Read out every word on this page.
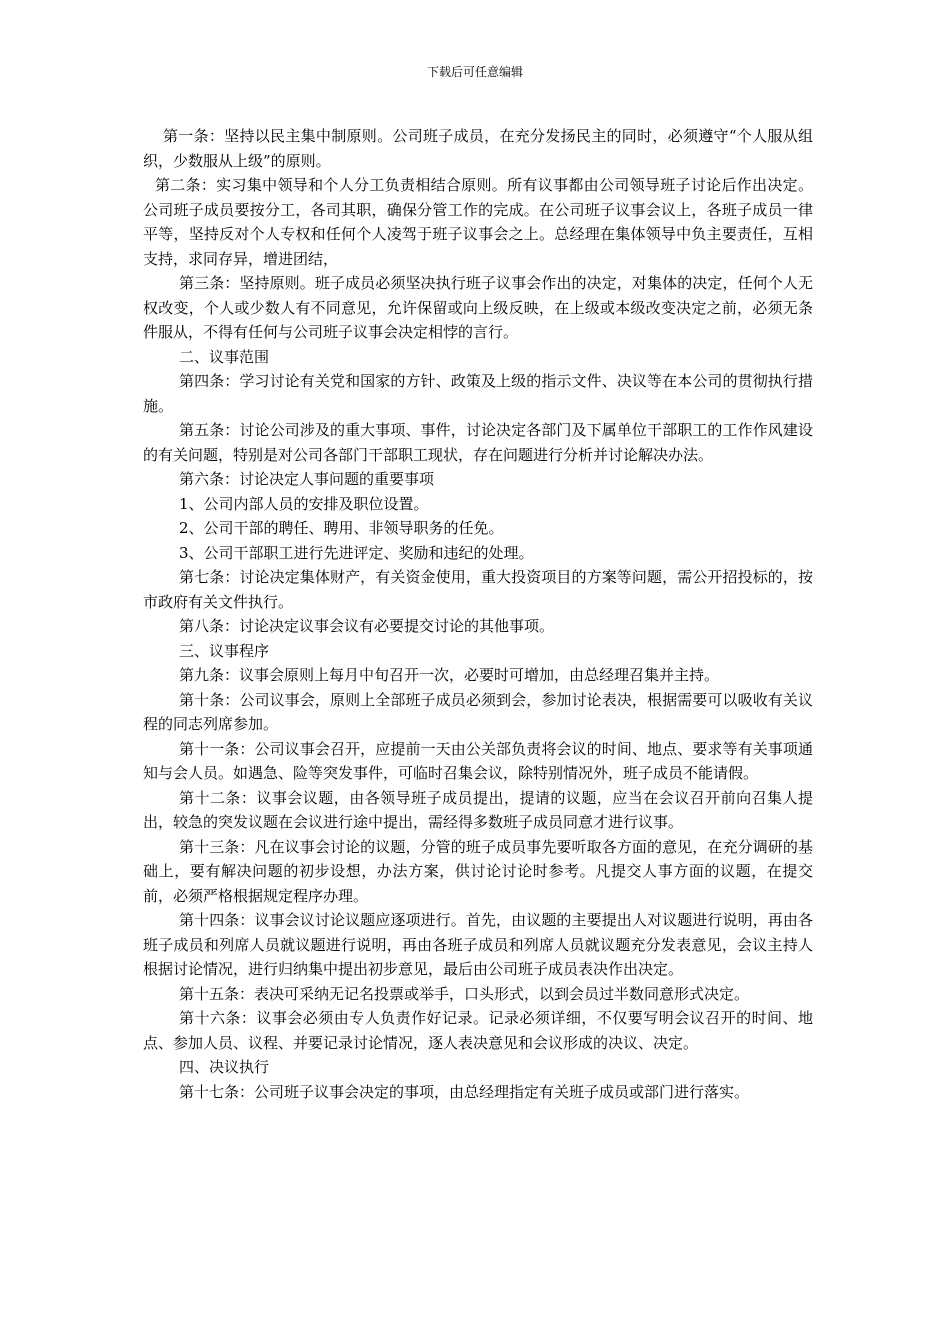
下载后可任意编辑

第一条：坚持以民主集中制原则。公司班子成员，在充分发扬民主的同时，必须遵守“个人服从组织，少数服从上级”的原则。

第二条：实习集中领导和个人分工负责相结合原则。所有议事都由公司领导班子讨论后作出决定。公司班子成员要按分工，各司其职，确保分管工作的完成。在公司班子议事会议上，各班子成员一律平等，坚持反对个人专权和任何个人凌驾于班子议事会之上。总经理在集体领导中负主要责任，互相支持，求同存异，增进团结，

第三条：坚持原则。班子成员必须坚决执行班子议事会作出的决定，对集体的决定，任何个人无权改变，个人或少数人有不同意见，允许保留或向上级反映，在上级或本级改变决定之前，必须无条件服从，不得有任何与公司班子议事会决定相悖的言行。

二、议事范围

第四条：学习讨论有关党和国家的方针、政策及上级的指示文件、决议等在本公司的贯彻执行措施。

第五条：讨论公司涉及的重大事项、事件，讨论决定各部门及下属单位干部职工的工作作风建设的有关问题，特别是对公司各部门干部职工现状，存在问题进行分析并讨论解决办法。

第六条：讨论决定人事问题的重要事项

1、公司内部人员的安排及职位设置。

2、公司干部的聘任、聘用、非领导职务的任免。

3、公司干部职工进行先进评定、奖励和违纪的处理。

第七条：讨论决定集体财产，有关资金使用，重大投资项目的方案等问题，需公开招投标的，按市政府有关文件执行。

第八条：讨论决定议事会议有必要提交讨论的其他事项。

三、议事程序

第九条：议事会原则上每月中旬召开一次，必要时可增加，由总经理召集并主持。

第十条：公司议事会，原则上全部班子成员必须到会，参加讨论表决，根据需要可以吸收有关议程的同志列席参加。

第十一条：公司议事会召开，应提前一天由公关部负责将会议的时间、地点、要求等有关事项通知与会人员。如遇急、险等突发事件，可临时召集会议，除特别情况外，班子成员不能请假。

第十二条：议事会议题，由各领导班子成员提出，提请的议题，应当在会议召开前向召集人提出，较急的突发议题在会议进行途中提出，需经得多数班子成员同意才进行议事。

第十三条：凡在议事会讨论的议题，分管的班子成员事先要听取各方面的意见，在充分调研的基础上，要有解决问题的初步设想，办法方案，供讨论讨论时参考。凡提交人事方面的议题，在提交前，必须严格根据规定程序办理。

第十四条：议事会议讨论议题应逐项进行。首先，由议题的主要提出人对议题进行说明，再由各班子成员和列席人员就议题进行说明，再由各班子成员和列席人员就议题充分发表意见，会议主持人根据讨论情况，进行归纳集中提出初步意见，最后由公司班子成员表决作出决定。

第十五条：表决可采纳无记名投票或举手，口头形式，以到会员过半数同意形式决定。

第十六条：议事会必须由专人负责作好记录。记录必须详细，不仅要写明会议召开的时间、地点、参加人员、议程、并要记录讨论情况，逐人表决意见和会议形成的决议、决定。

四、决议执行

第十七条：公司班子议事会决定的事项，由总经理指定有关班子成员或部门进行落实。
